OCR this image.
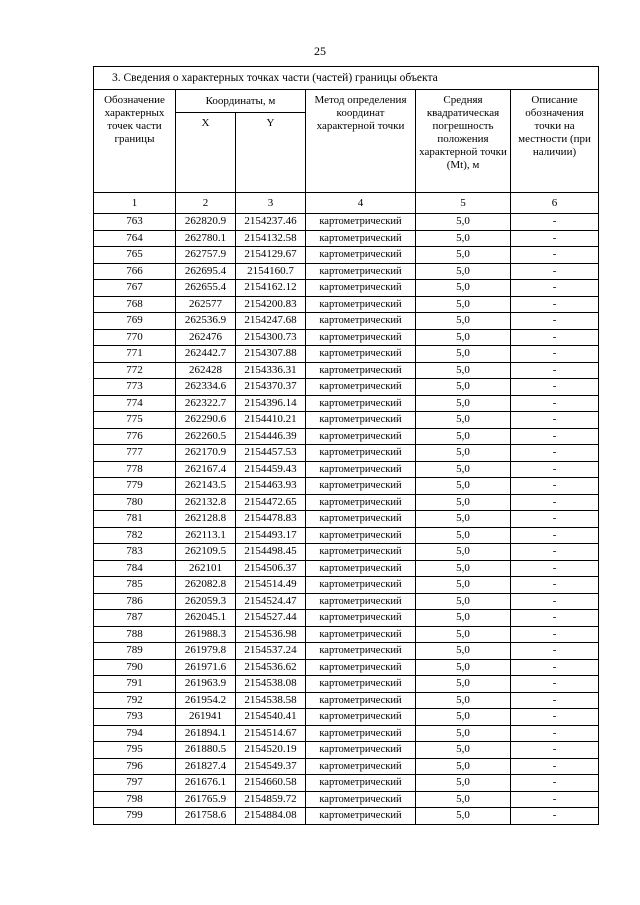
25
3. Сведения о характерных точках части (частей) границы объекта					
Обозначение характерных точек части границы	Координаты, м		Метод определения координат характерной точки	Средняя квадратическая погрешность положения характерной точки (Mt), м	Описание обозначения точки на местности (при наличии)
	X	Y			
1	2	3	4	5	6
763	262820.9	2154237.46	картометрический	5,0	-
764	262780.1	2154132.58	картометрический	5,0	-
765	262757.9	2154129.67	картометрический	5,0	-
766	262695.4	2154160.7	картометрический	5,0	-
767	262655.4	2154162.12	картометрический	5,0	-
768	262577	2154200.83	картометрический	5,0	-
769	262536.9	2154247.68	картометрический	5,0	-
770	262476	2154300.73	картометрический	5,0	-
771	262442.7	2154307.88	картометрический	5,0	-
772	262428	2154336.31	картометрический	5,0	-
773	262334.6	2154370.37	картометрический	5,0	-
774	262322.7	2154396.14	картометрический	5,0	-
775	262290.6	2154410.21	картометрический	5,0	-
776	262260.5	2154446.39	картометрический	5,0	-
777	262170.9	2154457.53	картометрический	5,0	-
778	262167.4	2154459.43	картометрический	5,0	-
779	262143.5	2154463.93	картометрический	5,0	-
780	262132.8	2154472.65	картометрический	5,0	-
781	262128.8	2154478.83	картометрический	5,0	-
782	262113.1	2154493.17	картометрический	5,0	-
783	262109.5	2154498.45	картометрический	5,0	-
784	262101	2154506.37	картометрический	5,0	-
785	262082.8	2154514.49	картометрический	5,0	-
786	262059.3	2154524.47	картометрический	5,0	-
787	262045.1	2154527.44	картометрический	5,0	-
788	261988.3	2154536.98	картометрический	5,0	-
789	261979.8	2154537.24	картометрический	5,0	-
790	261971.6	2154536.62	картометрический	5,0	-
791	261963.9	2154538.08	картометрический	5,0	-
792	261954.2	2154538.58	картометрический	5,0	-
793	261941	2154540.41	картометрический	5,0	-
794	261894.1	2154514.67	картометрический	5,0	-
795	261880.5	2154520.19	картометрический	5,0	-
796	261827.4	2154549.37	картометрический	5,0	-
797	261676.1	2154660.58	картометрический	5,0	-
798	261765.9	2154859.72	картометрический	5,0	-
799	261758.6	2154884.08	картометрический	5,0	-
